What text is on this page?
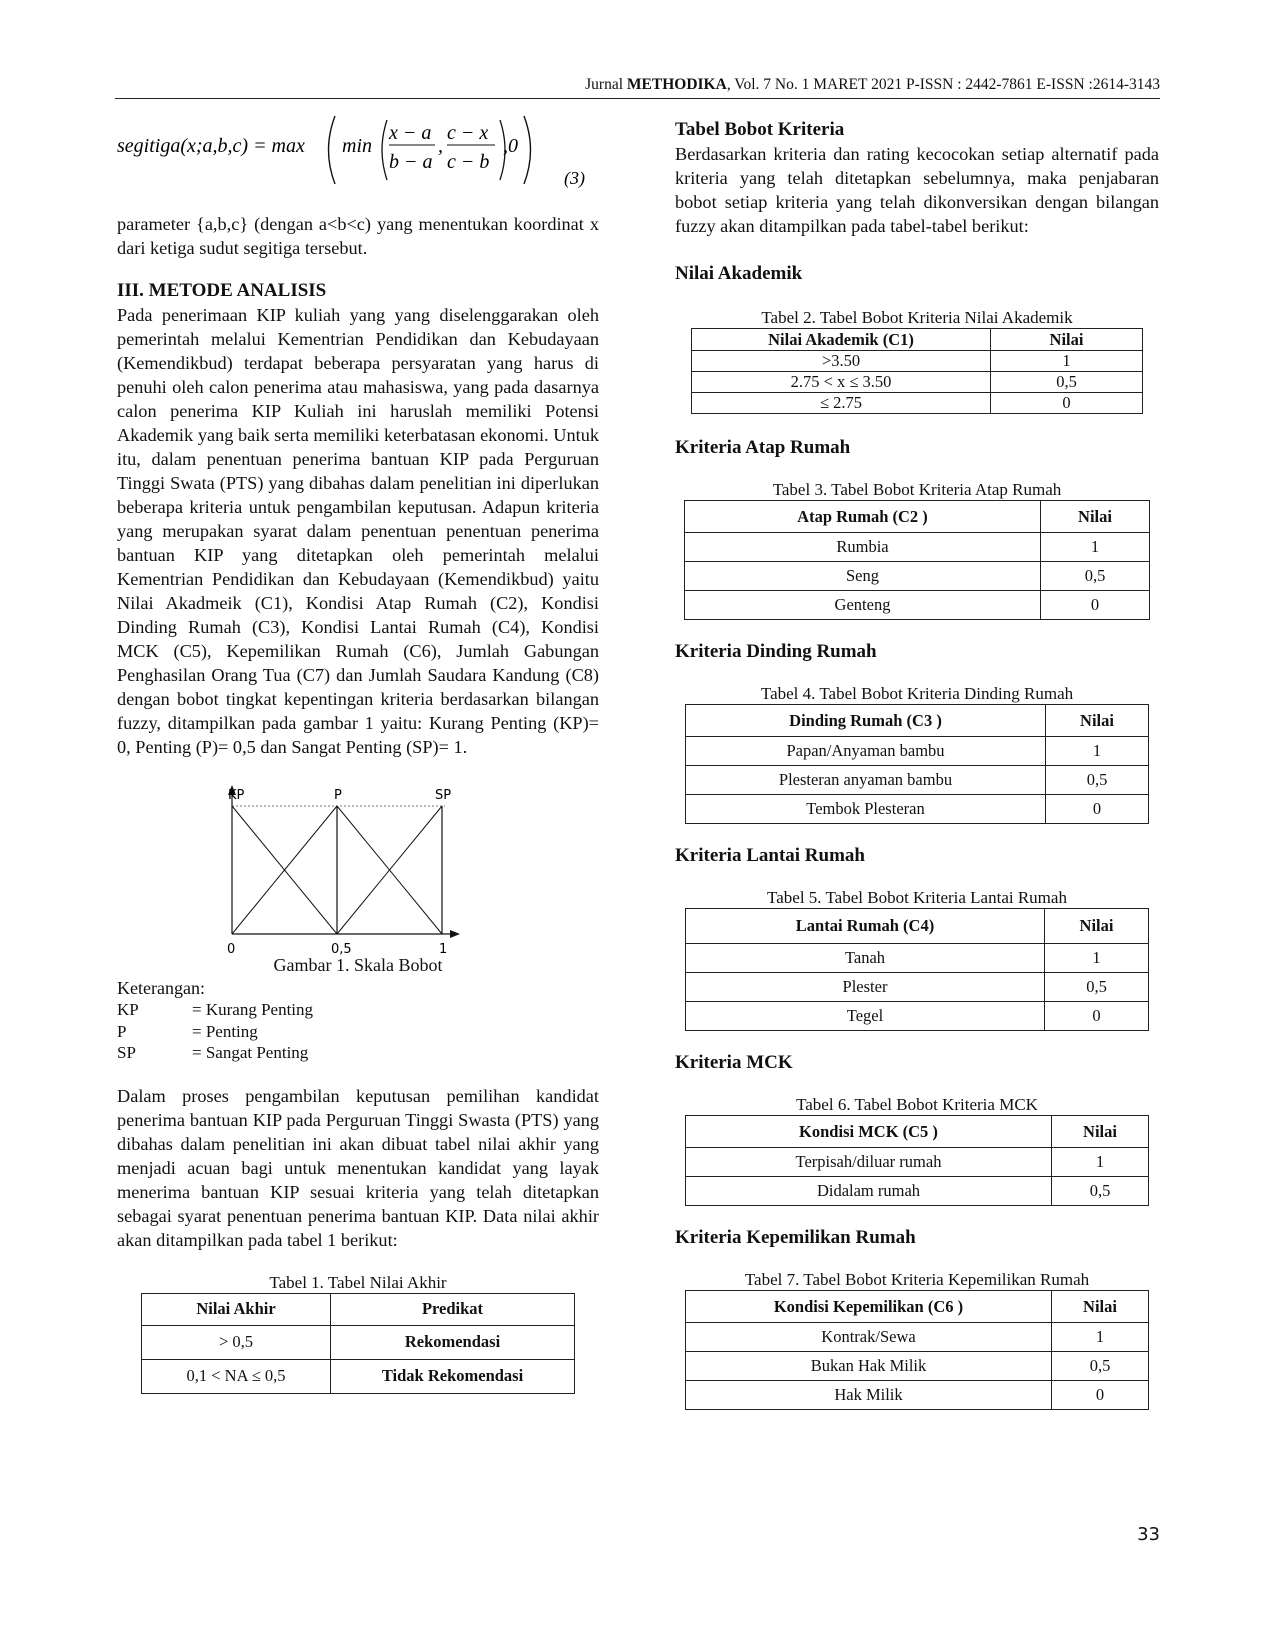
Jurnal METHODIKA, Vol. 7 No. 1 MARET 2021 P-ISSN : 2442-7861 E-ISSN :2614-3143
segitiga(x;a,b,c) = max min
x − a
b − a
,
c − x
c − b
,0
(3)

parameter {a,b,c} (dengan a<b<c) yang menentukan koordinat x dari ketiga sudut segitiga tersebut.

III. METODE ANALISIS

Pada penerimaan KIP kuliah yang yang diselenggarakan oleh pemerintah melalui Kementrian Pendidikan dan Kebudayaan (Kemendikbud) terdapat beberapa persyaratan yang harus di penuhi oleh calon penerima atau mahasiswa, yang pada dasarnya calon penerima KIP Kuliah ini haruslah memiliki Potensi Akademik yang baik serta memiliki keterbatasan ekonomi. Untuk itu, dalam penentuan penerima bantuan KIP pada Perguruan Tinggi Swata (PTS) yang dibahas dalam penelitian ini diperlukan beberapa kriteria untuk pengambilan keputusan. Adapun kriteria yang merupakan syarat dalam penentuan penentuan penerima bantuan KIP yang ditetapkan oleh pemerintah melalui Kementrian Pendidikan dan Kebudayaan (Kemendikbud) yaitu Nilai Akadmeik (C1), Kondisi Atap Rumah (C2), Kondisi Dinding Rumah (C3), Kondisi Lantai Rumah (C4), Kondisi MCK (C5), Kepemilikan Rumah (C6), Jumlah Gabungan Penghasilan Orang Tua (C7) dan Jumlah Saudara Kandung (C8) dengan bobot tingkat kepentingan kriteria berdasarkan bilangan fuzzy, ditampilkan pada gambar 1 yaitu: Kurang Penting (KP)= 0, Penting (P)= 0,5 dan Sangat Penting (SP)= 1.

KP	P	SP
0	0,5	1
Gambar 1. Skala Bobot
Keterangan:
KP	= Kurang Penting
P	= Penting
SP	= Sangat Penting

Dalam proses pengambilan keputusan pemilihan kandidat penerima bantuan KIP pada Perguruan Tinggi Swasta (PTS) yang dibahas dalam penelitian ini akan dibuat tabel nilai akhir yang menjadi acuan bagi untuk menentukan kandidat yang layak menerima bantuan KIP sesuai kriteria yang telah ditetapkan sebagai syarat penentuan penerima bantuan KIP. Data nilai akhir akan ditampilkan pada tabel 1 berikut:

Tabel 1. Tabel Nilai Akhir
Nilai Akhir	Predikat
> 0,5	Rekomendasi
0,1 < NA ≤ 0,5	Tidak Rekomendasi
Tabel Bobot Kriteria

Berdasarkan kriteria dan rating kecocokan setiap alternatif pada kriteria yang telah ditetapkan sebelumnya, maka penjabaran bobot setiap kriteria yang telah dikonversikan dengan bilangan fuzzy akan ditampilkan pada tabel-tabel berikut:

Nilai Akademik
Tabel 2. Tabel Bobot Kriteria Nilai Akademik
Nilai Akademik (C1)	Nilai
>3.50	1
2.75 < x ≤ 3.50	0,5
≤ 2.75	0
Kriteria Atap Rumah
Tabel 3. Tabel Bobot Kriteria Atap Rumah
Atap Rumah (C2 )	Nilai
Rumbia	1
Seng	0,5
Genteng	0
Kriteria Dinding Rumah
Tabel 4. Tabel Bobot Kriteria Dinding Rumah
Dinding Rumah (C3 )	Nilai
Papan/Anyaman bambu	1
Plesteran anyaman bambu	0,5
Tembok Plesteran	0
Kriteria Lantai Rumah
Tabel 5. Tabel Bobot Kriteria Lantai Rumah
Lantai Rumah (C4)	Nilai
Tanah	1
Plester	0,5
Tegel	0
Kriteria MCK
Tabel 6. Tabel Bobot Kriteria MCK
Kondisi MCK (C5 )	Nilai
Terpisah/diluar rumah	1
Didalam rumah	0,5
Kriteria Kepemilikan Rumah
Tabel 7. Tabel Bobot Kriteria Kepemilikan Rumah
Kondisi Kepemilikan (C6 )	Nilai
Kontrak/Sewa	1
Bukan Hak Milik	0,5
Hak Milik	0
33
